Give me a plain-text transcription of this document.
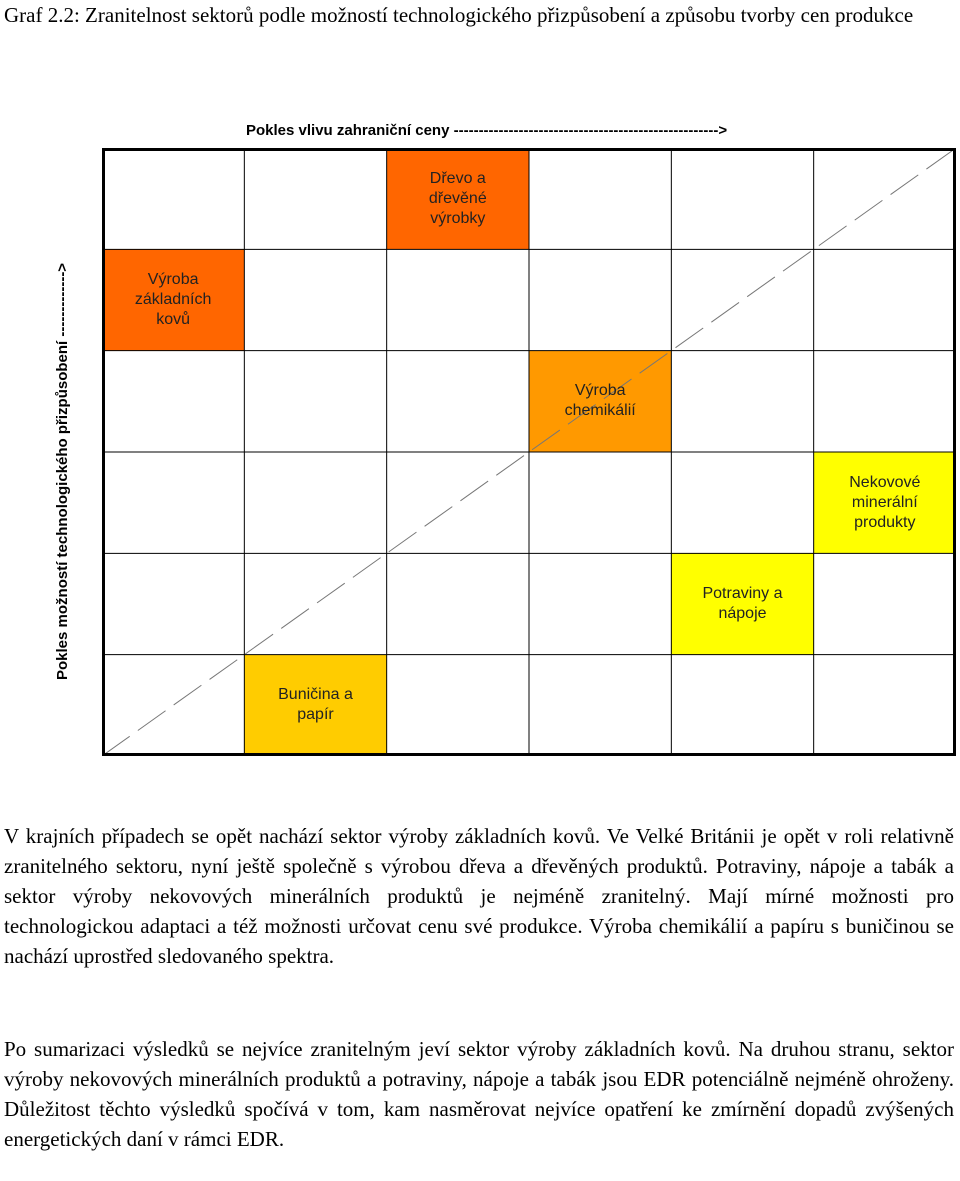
Graf 2.2: Zranitelnost sektorů podle možností technologického přizpůsobení a způsobu tvorby cen produkce
Pokles vlivu zahraniční ceny ----------------------------------------------------->
Pokles možností technologického přizpůsobení ------------->
Dřevo a
dřevěné
výrobky
Výroba
základních
kovů
Výroba
chemikálií
Nekovové
minerální
produkty
Potraviny a
nápoje
Buničina a
papír
V krajních případech se opět nachází sektor výroby základních kovů. Ve Velké Británii je opět v roli relativně zranitelného sektoru, nyní ještě společně s výrobou dřeva a dřevěných produktů. Potraviny, nápoje a tabák a sektor výroby nekovových minerálních produktů je nejméně zranitelný. Mají mírné možnosti pro technologickou adaptaci a též možnosti určovat cenu své produkce. Výroba chemikálií a papíru s buničinou se nachází uprostřed sledovaného spektra.
Po sumarizaci výsledků se nejvíce zranitelným jeví sektor výroby základních kovů. Na druhou stranu, sektor výroby nekovových minerálních produktů a potraviny, nápoje a tabák jsou EDR potenciálně nejméně ohroženy. Důležitost těchto výsledků spočívá v tom, kam nasměrovat nejvíce opatření ke zmírnění dopadů zvýšených energetických daní v rámci EDR.
